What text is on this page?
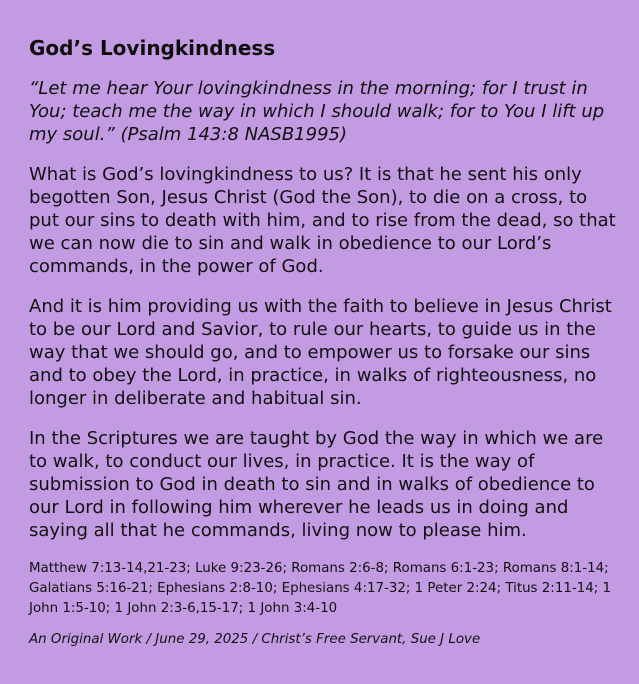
God’s Lovingkindness

“Let me hear Your lovingkindness in the morning; for I trust in You; teach me the way in which I should walk; for to You I lift up my soul.” (Psalm 143:8 NASB1995)

What is God’s lovingkindness to us? It is that he sent his only begotten Son, Jesus Christ (God the Son), to die on a cross, to put our sins to death with him, and to rise from the dead, so that we can now die to sin and walk in obedience to our Lord’s commands, in the power of God.

And it is him providing us with the faith to believe in Jesus Christ to be our Lord and Savior, to rule our hearts, to guide us in the way that we should go, and to empower us to forsake our sins and to obey the Lord, in practice, in walks of righteousness, no longer in deliberate and habitual sin.

In the Scriptures we are taught by God the way in which we are to walk, to conduct our lives, in practice. It is the way of submission to God in death to sin and in walks of obedience to our Lord in following him wherever he leads us in doing and saying all that he commands, living now to please him.

Matthew 7:13-14,21-23; Luke 9:23-26; Romans 2:6-8; Romans 6:1-23; Romans 8:1-14; Galatians 5:16-21; Ephesians 2:8-10; Ephesians 4:17-32; 1 Peter 2:24; Titus 2:11-14; 1 John 1:5-10; 1 John 2:3-6,15-17; 1 John 3:4-10

An Original Work / June 29, 2025 / Christ’s Free Servant, Sue J Love
